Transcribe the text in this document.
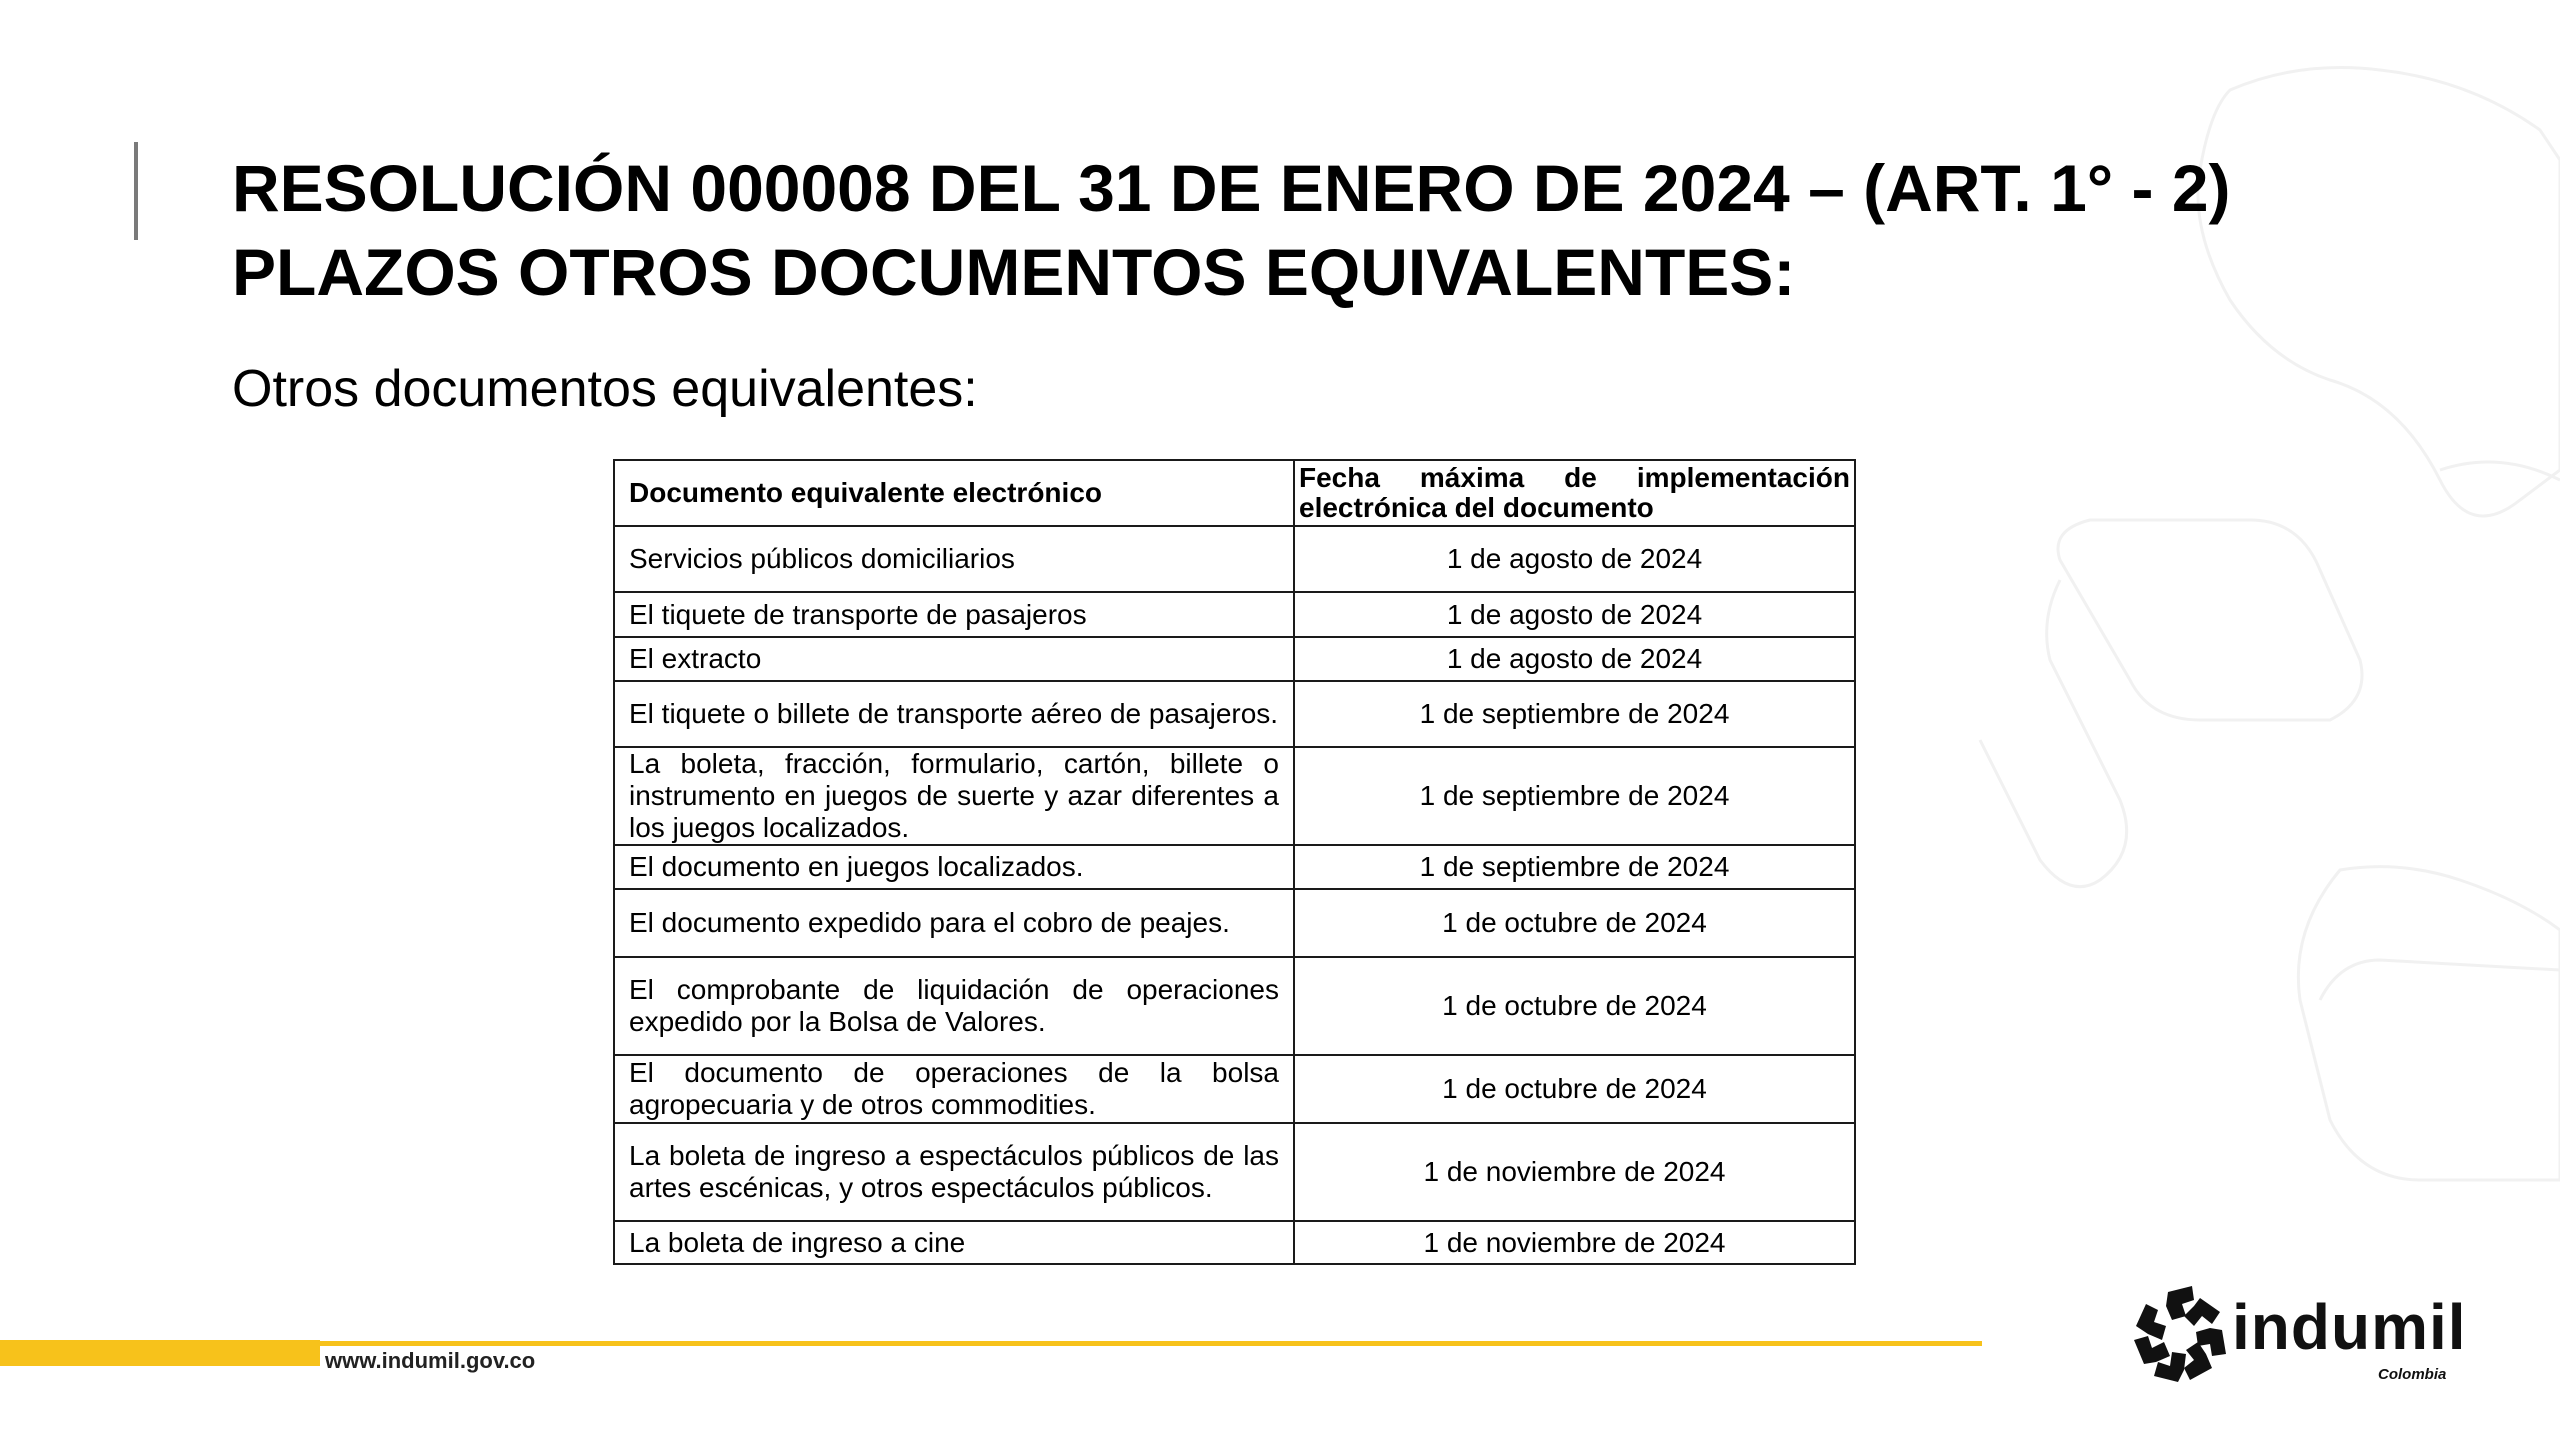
RESOLUCIÓN 000008 DEL 31 DE ENERO DE 2024 – (ART. 1° - 2)
PLAZOS OTROS DOCUMENTOS EQUIVALENTES:

Otros documentos equivalentes:

Documento equivalente electrónico	Fecha máxima de implementación electrónica del documento
Servicios públicos domiciliarios	1 de agosto de 2024
El tiquete de transporte de pasajeros	1 de agosto de 2024
El extracto	1 de agosto de 2024
El tiquete o billete de transporte aéreo de pasajeros.	1 de septiembre de 2024
La boleta, fracción, formulario, cartón, billete o instrumento en juegos de suerte y azar diferentes a los juegos localizados.	1 de septiembre de 2024
El documento en juegos localizados.	1 de septiembre de 2024
El documento expedido para el cobro de peajes.	1 de octubre de 2024
El comprobante de liquidación de operaciones expedido por la Bolsa de Valores.	1 de octubre de 2024
El documento de operaciones de la bolsa agropecuaria y de otros commodities.	1 de octubre de 2024
La boleta de ingreso a espectáculos públicos de las artes escénicas, y otros espectáculos públicos.	1 de noviembre de 2024
La boleta de ingreso a cine	1 de noviembre de 2024
www.indumil.gov.co	indumil
Colombia
